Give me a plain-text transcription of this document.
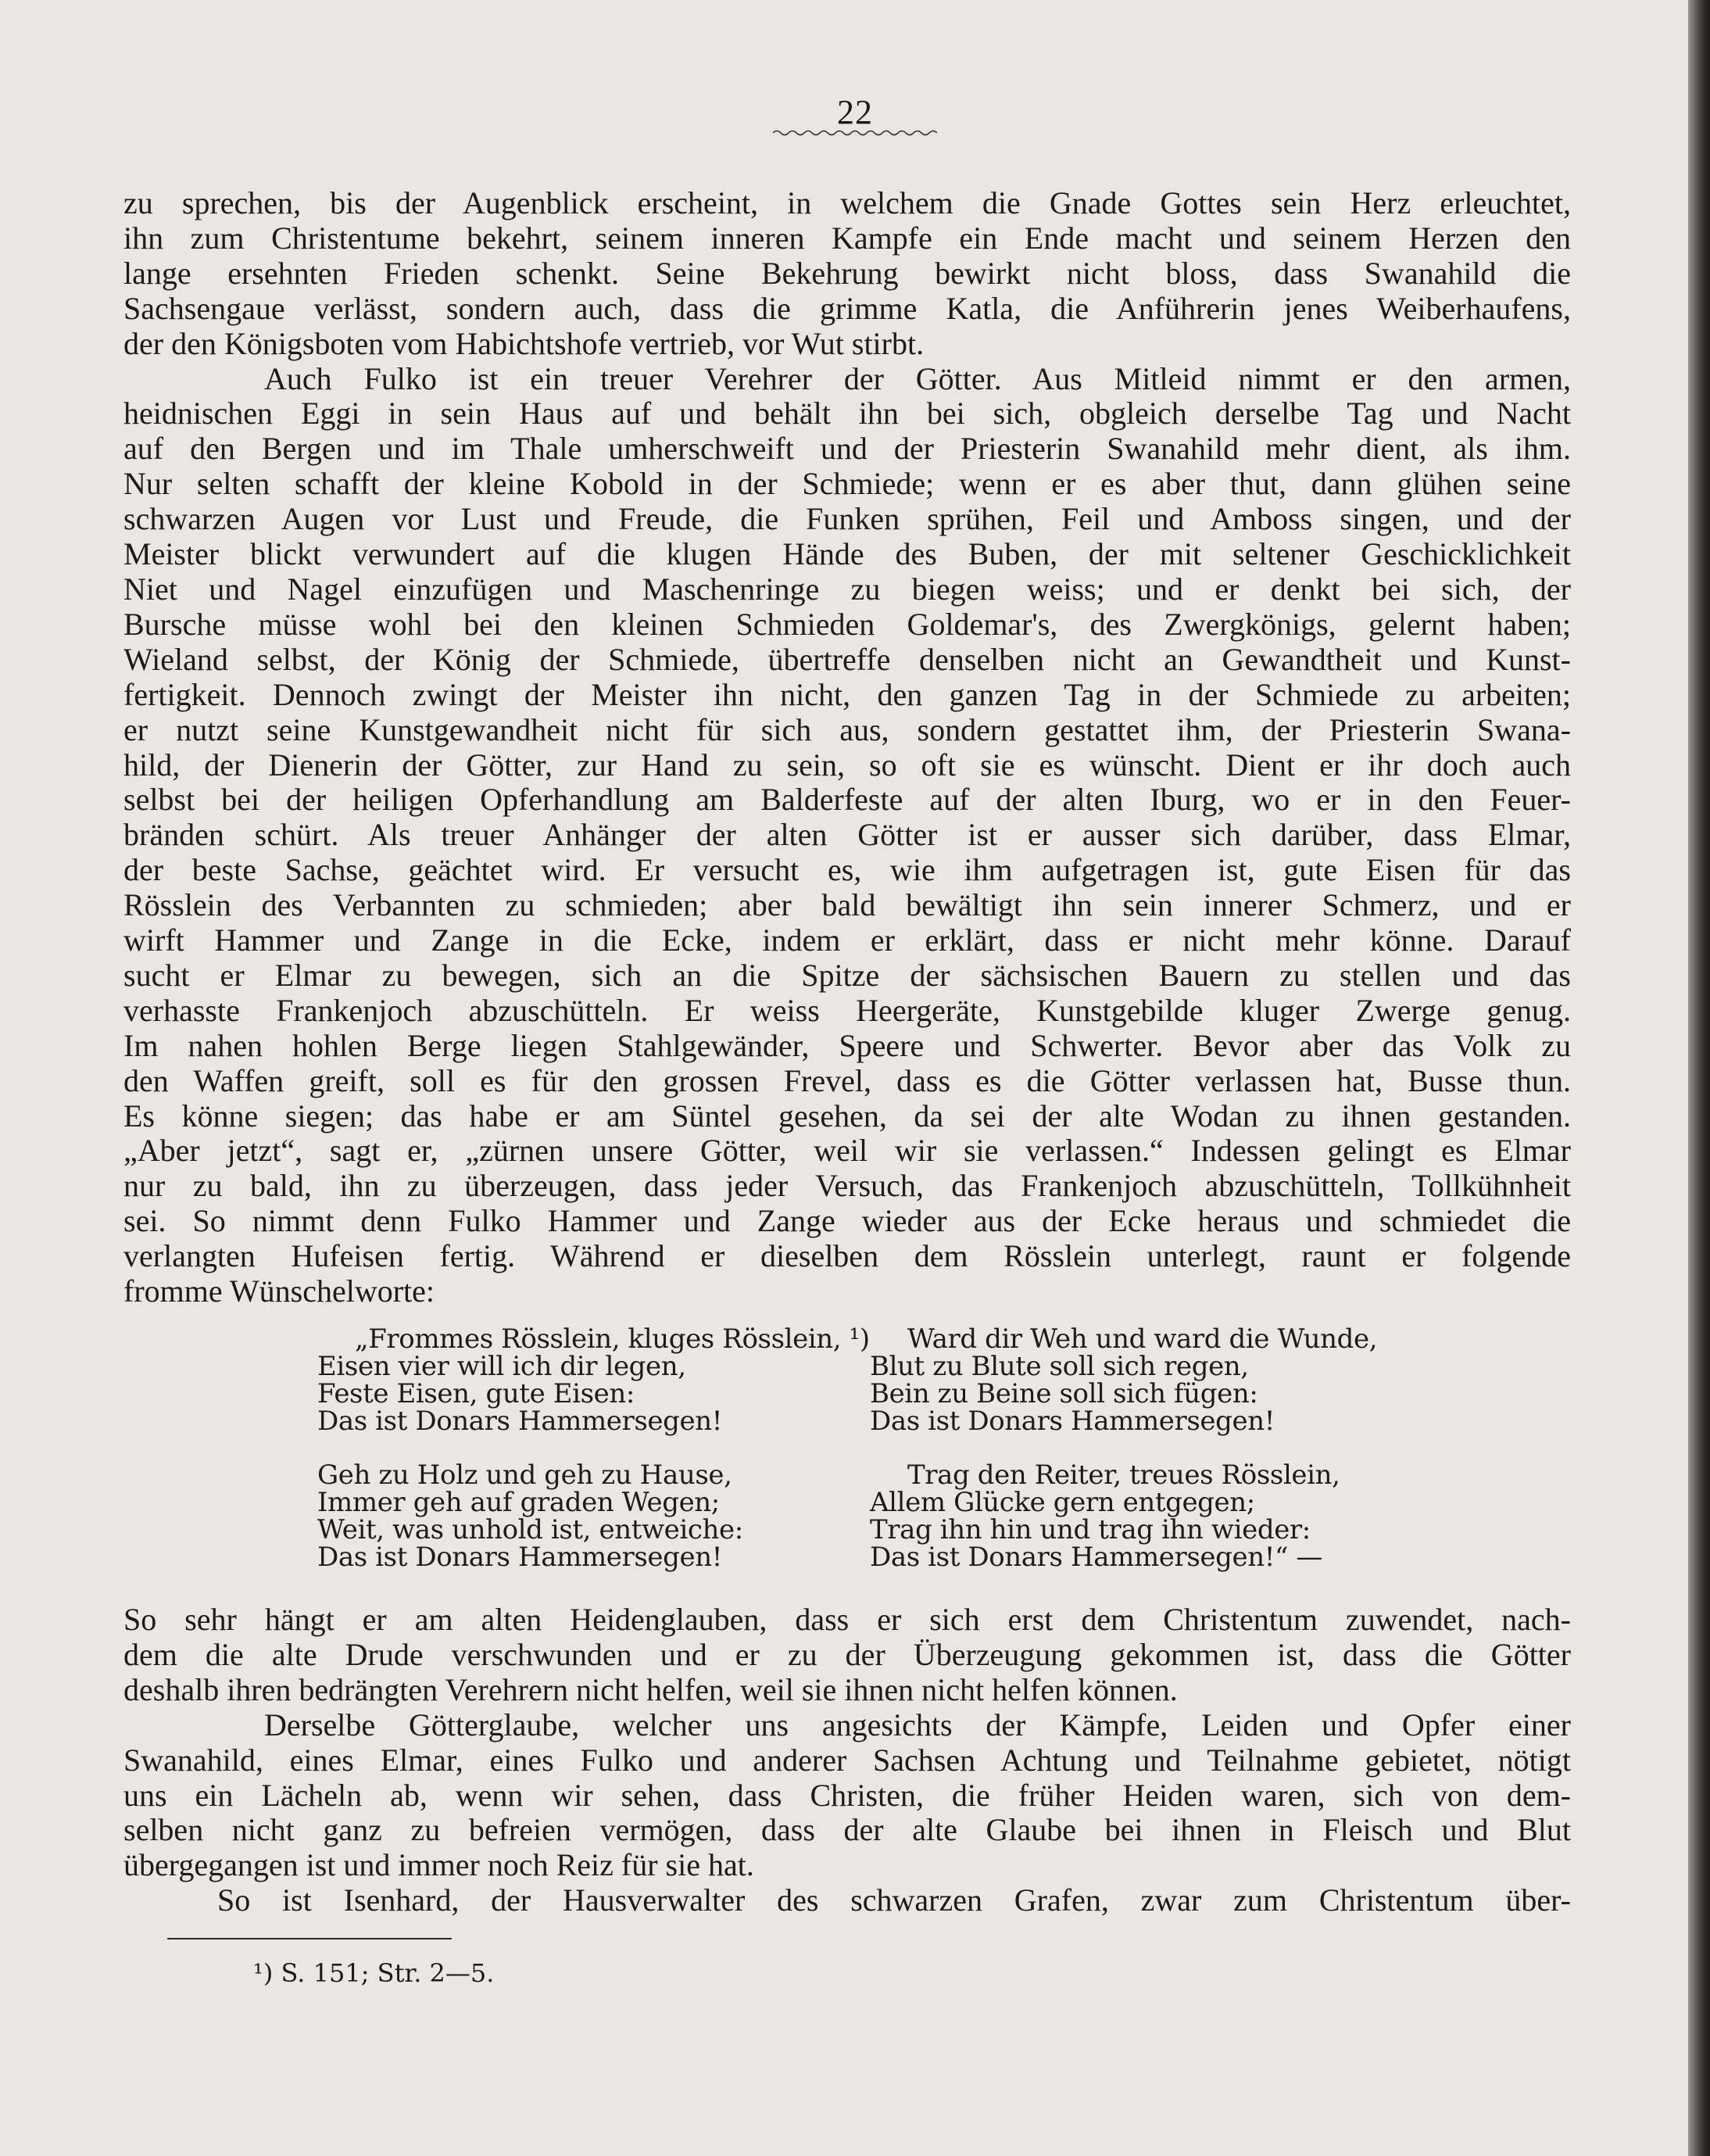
22

zu sprechen, bis der Augenblick erscheint, in welchem die Gnade Gottes sein Herz erleuchtet,

ihn zum Christentume bekehrt, seinem inneren Kampfe ein Ende macht und seinem Herzen den

lange ersehnten Frieden schenkt. Seine Bekehrung bewirkt nicht bloss, dass Swanahild die

Sachsengaue verlässt, sondern auch, dass die grimme Katla, die Anführerin jenes Weiberhaufens,

der den Königsboten vom Habichtshofe vertrieb, vor Wut stirbt.

Auch Fulko ist ein treuer Verehrer der Götter. Aus Mitleid nimmt er den armen,

heidnischen Eggi in sein Haus auf und behält ihn bei sich, obgleich derselbe Tag und Nacht

auf den Bergen und im Thale umherschweift und der Priesterin Swanahild mehr dient, als ihm.

Nur selten schafft der kleine Kobold in der Schmiede; wenn er es aber thut, dann glühen seine

schwarzen Augen vor Lust und Freude, die Funken sprühen, Feil und Amboss singen, und der

Meister blickt verwundert auf die klugen Hände des Buben, der mit seltener Geschicklichkeit

Niet und Nagel einzufügen und Maschenringe zu biegen weiss; und er denkt bei sich, der

Bursche müsse wohl bei den kleinen Schmieden Goldemar's, des Zwergkönigs, gelernt haben;

Wieland selbst, der König der Schmiede, übertreffe denselben nicht an Gewandtheit und Kunst-

fertigkeit. Dennoch zwingt der Meister ihn nicht, den ganzen Tag in der Schmiede zu arbeiten;

er nutzt seine Kunstgewandheit nicht für sich aus, sondern gestattet ihm, der Priesterin Swana-

hild, der Dienerin der Götter, zur Hand zu sein, so oft sie es wünscht. Dient er ihr doch auch

selbst bei der heiligen Opferhandlung am Balderfeste auf der alten Iburg, wo er in den Feuer-

bränden schürt. Als treuer Anhänger der alten Götter ist er ausser sich darüber, dass Elmar,

der beste Sachse, geächtet wird. Er versucht es, wie ihm aufgetragen ist, gute Eisen für das

Rösslein des Verbannten zu schmieden; aber bald bewältigt ihn sein innerer Schmerz, und er

wirft Hammer und Zange in die Ecke, indem er erklärt, dass er nicht mehr könne. Darauf

sucht er Elmar zu bewegen, sich an die Spitze der sächsischen Bauern zu stellen und das

verhasste Frankenjoch abzuschütteln. Er weiss Heergeräte, Kunstgebilde kluger Zwerge genug.

Im nahen hohlen Berge liegen Stahlgewänder, Speere und Schwerter. Bevor aber das Volk zu

den Waffen greift, soll es für den grossen Frevel, dass es die Götter verlassen hat, Busse thun.

Es könne siegen; das habe er am Süntel gesehen, da sei der alte Wodan zu ihnen gestanden.

„Aber jetzt“, sagt er, „zürnen unsere Götter, weil wir sie verlassen.“ Indessen gelingt es Elmar

nur zu bald, ihn zu überzeugen, dass jeder Versuch, das Frankenjoch abzuschütteln, Tollkühnheit

sei. So nimmt denn Fulko Hammer und Zange wieder aus der Ecke heraus und schmiedet die

verlangten Hufeisen fertig. Während er dieselben dem Rösslein unterlegt, raunt er folgende

fromme Wünschelworte:

„Frommes Rösslein, kluges Rösslein, ¹)
Eisen vier will ich dir legen,
Feste Eisen, gute Eisen:
Das ist Donars Hammersegen!
Geh zu Holz und geh zu Hause,
Immer geh auf graden Wegen;
Weit, was unhold ist, entweiche:
Das ist Donars Hammersegen!
Ward dir Weh und ward die Wunde,
Blut zu Blute soll sich regen,
Bein zu Beine soll sich fügen:
Das ist Donars Hammersegen!
Trag den Reiter, treues Rösslein,
Allem Glücke gern entgegen;
Trag ihn hin und trag ihn wieder:
Das ist Donars Hammersegen!“ —

So sehr hängt er am alten Heidenglauben, dass er sich erst dem Christentum zuwendet, nach-

dem die alte Drude verschwunden und er zu der Überzeugung gekommen ist, dass die Götter

deshalb ihren bedrängten Verehrern nicht helfen, weil sie ihnen nicht helfen können.

Derselbe Götterglaube, welcher uns angesichts der Kämpfe, Leiden und Opfer einer

Swanahild, eines Elmar, eines Fulko und anderer Sachsen Achtung und Teilnahme gebietet, nötigt

uns ein Lächeln ab, wenn wir sehen, dass Christen, die früher Heiden waren, sich von dem-

selben nicht ganz zu befreien vermögen, dass der alte Glaube bei ihnen in Fleisch und Blut

übergegangen ist und immer noch Reiz für sie hat.

So ist Isenhard, der Hausverwalter des schwarzen Grafen, zwar zum Christentum über-

¹) S. 151; Str. 2—5.
